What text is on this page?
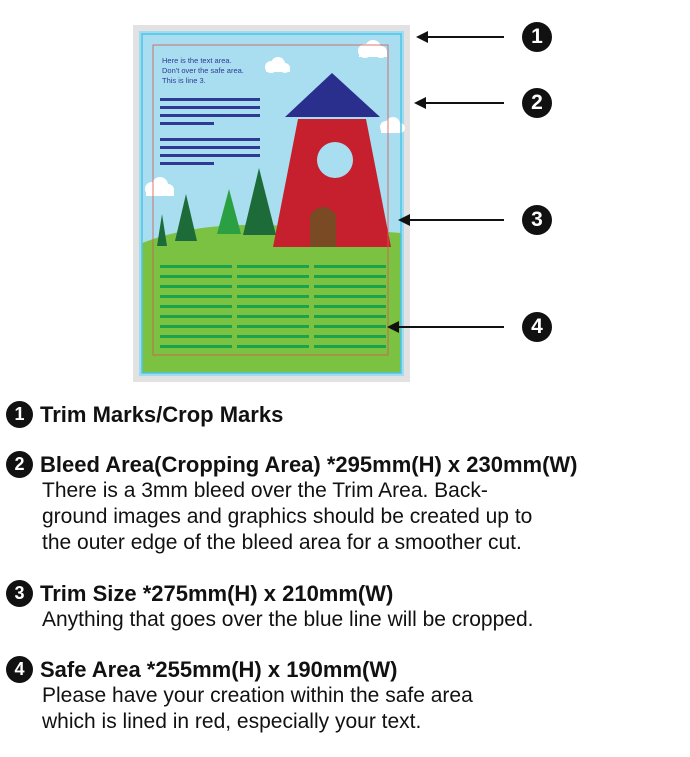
Here is the text area.
Don't over the safe area.
This is line 3.
1
2
3
4
1 Trim Marks/Crop Marks
2 Bleed Area(Cropping Area) *295mm(H) x 230mm(W)
There is a 3mm bleed over the Trim Area. Back-
ground images and graphics should be created up to
the outer edge of the bleed area for a smoother cut.
3 Trim Size *275mm(H) x 210mm(W)
Anything that goes over the blue line will be cropped.
4 Safe Area *255mm(H) x 190mm(W)
Please have your creation within the safe area
which is lined in red, especially your text.
